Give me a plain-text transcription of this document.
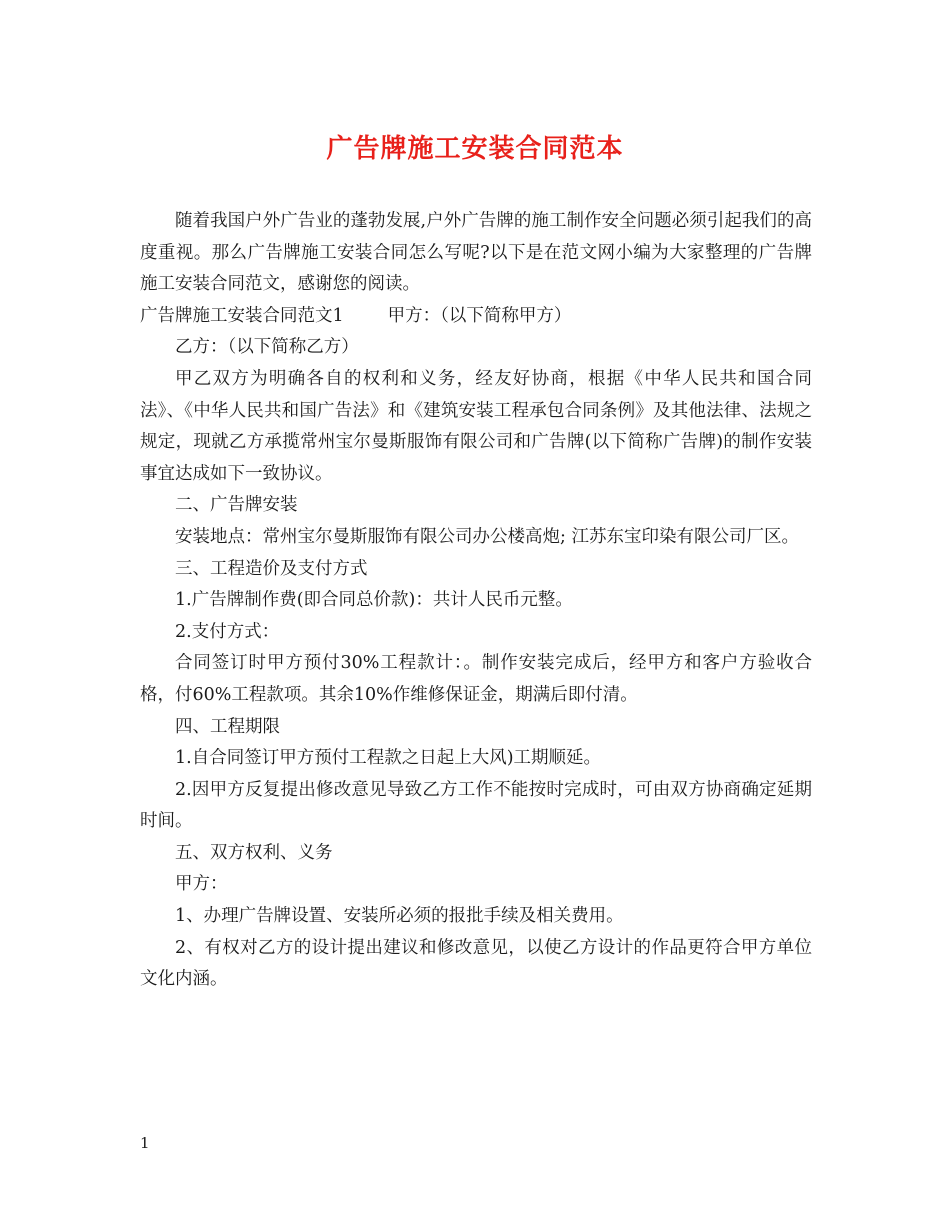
广告牌施工安装合同范本

随着我国户外广告业的蓬勃发展,户外广告牌的施工制作安全问题必须引起我们的高度重视。那么广告牌施工安装合同怎么写呢?以下是在范文网小编为大家整理的广告牌施工安装合同范文，感谢您的阅读。

广告牌施工安装合同范文1	甲方：（以下简称甲方）

乙方：（以下简称乙方）

甲乙双方为明确各自的权利和义务，经友好协商，根据《中华人民共和国合同法》、《中华人民共和国广告法》和《建筑安装工程承包合同条例》及其他法律、法规之规定，现就乙方承揽常州宝尔曼斯服饰有限公司和广告牌(以下简称广告牌)的制作安装事宜达成如下一致协议。

二、广告牌安装

安装地点：常州宝尔曼斯服饰有限公司办公楼高炮; 江苏东宝印染有限公司厂区。

三、工程造价及支付方式

1.广告牌制作费(即合同总价款)：共计人民币元整。

2.支付方式：

合同签订时甲方预付30%工程款计：。制作安装完成后，经甲方和客户方验收合格，付60%工程款项。其余10%作维修保证金，期满后即付清。

四、工程期限

1.自合同签订甲方预付工程款之日起上大风)工期顺延。

2.因甲方反复提出修改意见导致乙方工作不能按时完成时，可由双方协商确定延期时间。

五、双方权利、义务

甲方：

1、办理广告牌设置、安装所必须的报批手续及相关费用。

2、有权对乙方的设计提出建议和修改意见，以使乙方设计的作品更符合甲方单位文化内涵。

1
